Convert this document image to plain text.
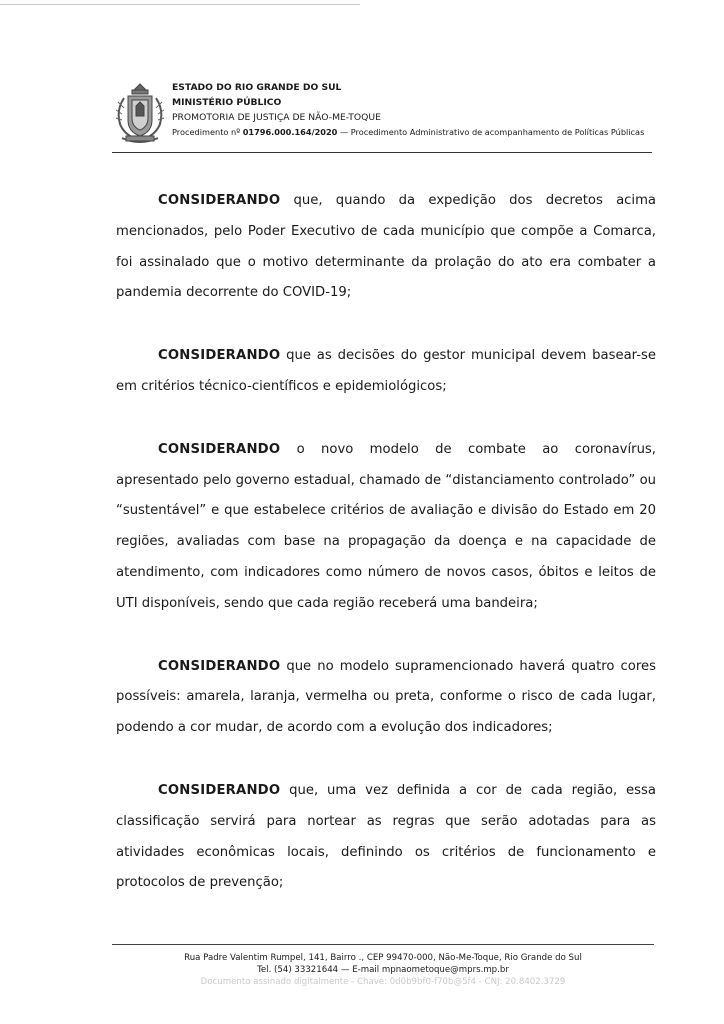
ESTADO DO RIO GRANDE DO SUL
MINISTÉRIO PÚBLICO
PROMOTORIA DE JUSTIÇA DE NÃO-ME-TOQUE
Procedimento nº 01796.000.164/2020 — Procedimento Administrativo de acompanhamento de Políticas Públicas

CONSIDERANDO que, quando da expedição dos decretos acima mencionados, pelo Poder Executivo de cada município que compõe a Comarca, foi assinalado que o motivo determinante da prolação do ato era combater a pandemia decorrente do COVID-19;

CONSIDERANDO que as decisões do gestor municipal devem basear-se em critérios técnico-científicos e epidemiológicos;

CONSIDERANDO o novo modelo de combate ao coronavírus, apresentado pelo governo estadual, chamado de “distanciamento controlado” ou “sustentável” e que estabelece critérios de avaliação e divisão do Estado em 20 regiões, avaliadas com base na propagação da doença e na capacidade de atendimento, com indicadores como número de novos casos, óbitos e leitos de UTI disponíveis, sendo que cada região receberá uma bandeira;

CONSIDERANDO que no modelo supramencionado haverá quatro cores possíveis: amarela, laranja, vermelha ou preta, conforme o risco de cada lugar, podendo a cor mudar, de acordo com a evolução dos indicadores;

CONSIDERANDO que, uma vez definida a cor de cada região, essa classificação servirá para nortear as regras que serão adotadas para as atividades econômicas locais, definindo os critérios de funcionamento e protocolos de prevenção;

Rua Padre Valentim Rumpel, 141, Bairro ., CEP 99470-000, Não-Me-Toque, Rio Grande do Sul
Tel. (54) 33321644 — E-mail mpnaometoque@mprs.mp.br
Documento assinado digitalmente - Chave: 0d0b9bf0-f70b@5f4 - CNJ: 20.8402.3729
